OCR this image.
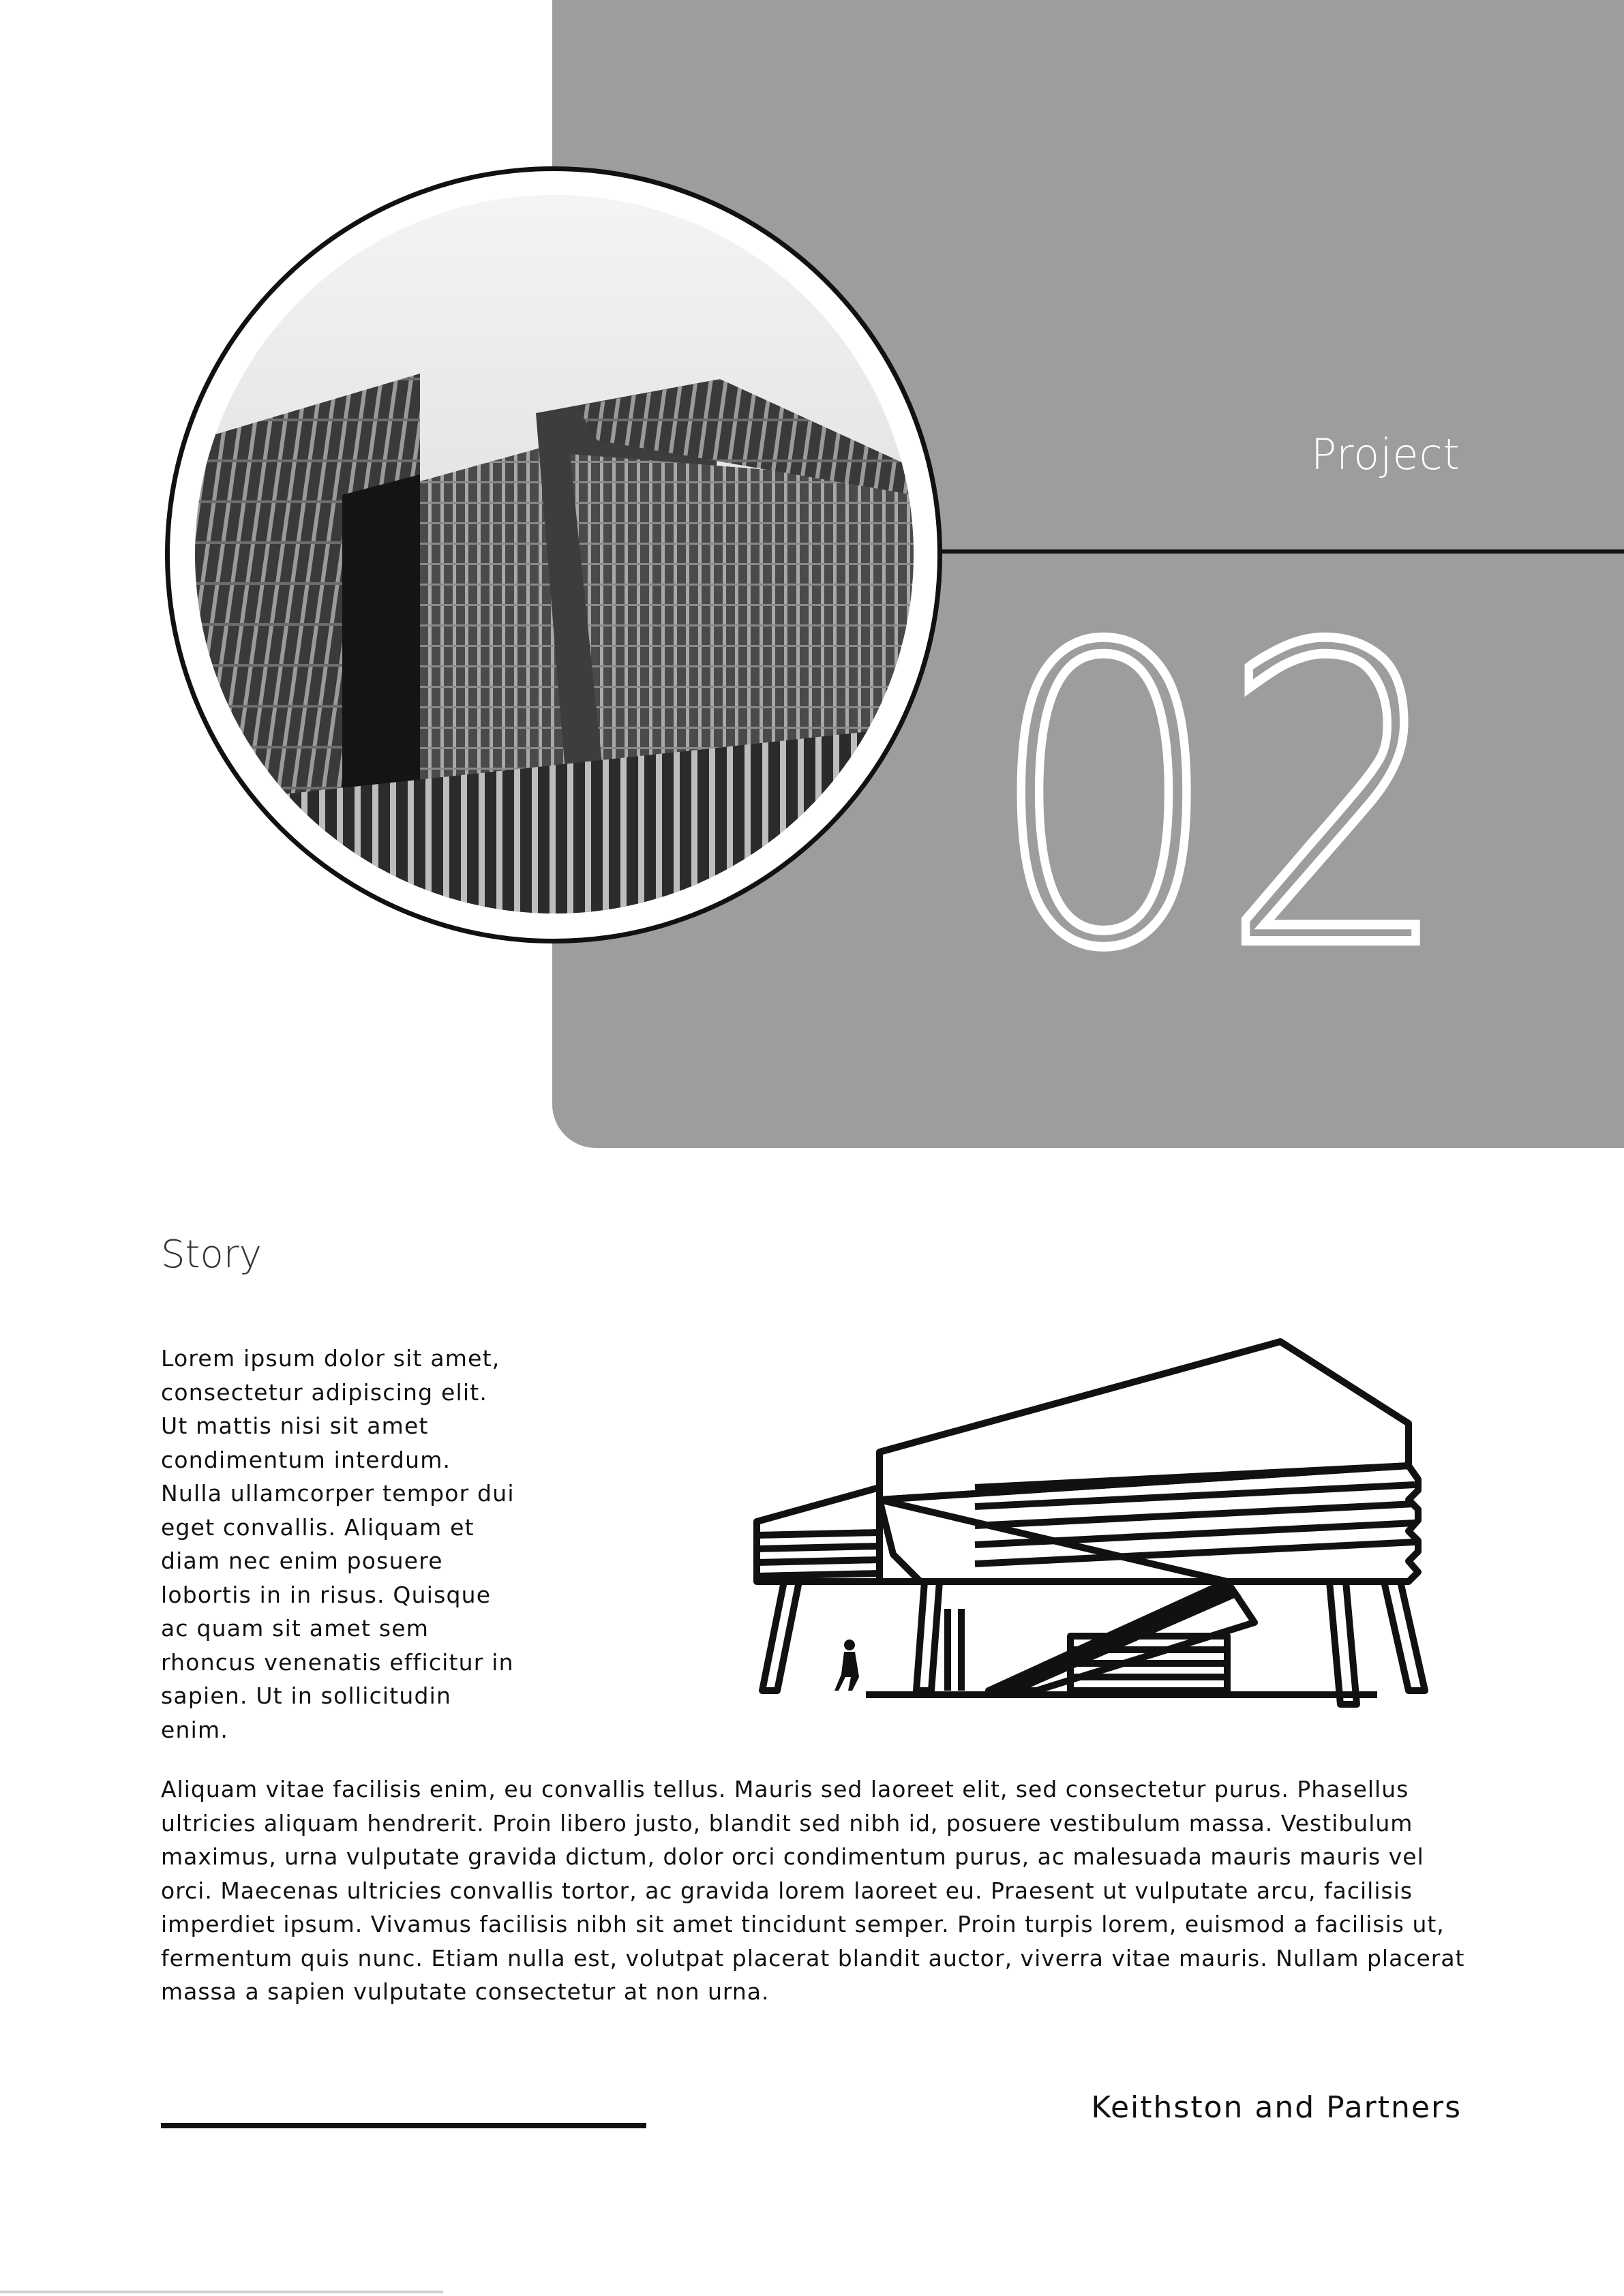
Project
02
Story
Lorem ipsum dolor sit amet, consectetur adipiscing elit. Ut mattis nisi sit amet condimentum interdum. Nulla ullamcorper tempor dui eget convallis. Aliquam et diam nec enim posuere lobortis in in risus. Quisque ac quam sit amet sem rhoncus venenatis efficitur in sapien. Ut in sollicitudin enim.
Aliquam vitae facilisis enim, eu convallis tellus. Mauris sed laoreet elit, sed consectetur purus. Phasellus ultricies aliquam hendrerit. Proin libero justo, blandit sed nibh id, posuere vestibulum massa. Vestibulum maximus, urna vulputate gravida dictum, dolor orci condimentum purus, ac malesuada mauris mauris vel orci. Maecenas ultricies convallis tortor, ac gravida lorem laoreet eu. Praesent ut vulputate arcu, facilisis imperdiet ipsum. Vivamus facilisis nibh sit amet tincidunt semper. Proin turpis lorem, euismod a facilisis ut, fermentum quis nunc. Etiam nulla est, volutpat placerat blandit auctor, viverra vitae mauris. Nullam placerat massa a sapien vulputate consectetur at non urna.
Keithston and Partners
